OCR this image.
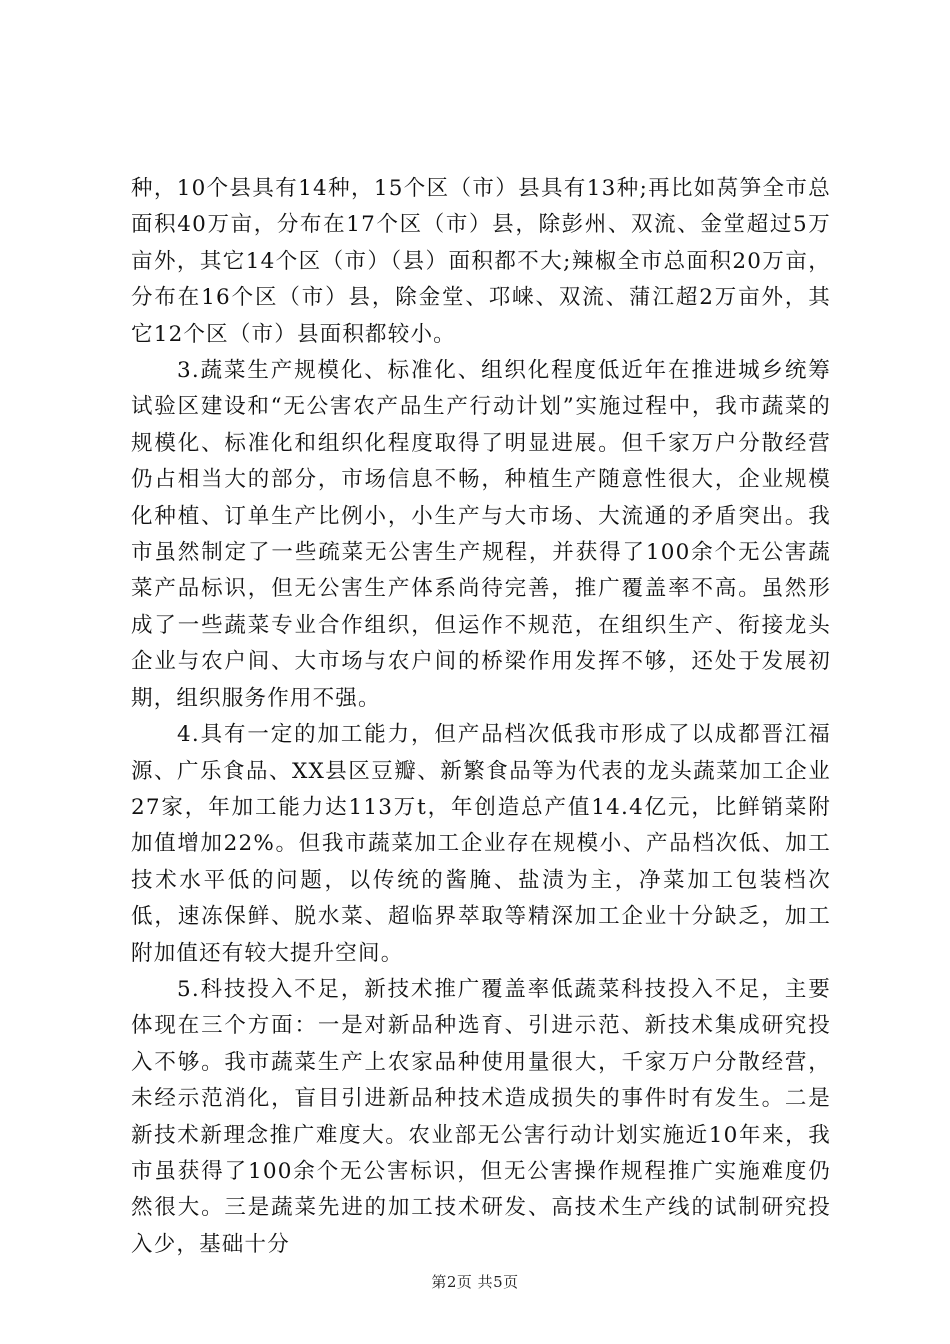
种，10个县具有14种，15个区（市）县具有13种;再比如莴笋全市总面积40万亩，分布在17个区（市）县，除彭州、双流、金堂超过5万亩外，其它14个区（市）（县）面积都不大;辣椒全市总面积20万亩，分布在16个区（市）县，除金堂、邛崃、双流、蒲江超2万亩外，其它12个区（市）县面积都较小。

3.蔬菜生产规模化、标准化、组织化程度低近年在推进城乡统筹试验区建设和“无公害农产品生产行动计划”实施过程中，我市蔬菜的规模化、标准化和组织化程度取得了明显进展。但千家万户分散经营仍占相当大的部分，市场信息不畅，种植生产随意性很大，企业规模化种植、订单生产比例小，小生产与大市场、大流通的矛盾突出。我市虽然制定了一些疏菜无公害生产规程，并获得了100余个无公害蔬菜产品标识，但无公害生产体系尚待完善，推广覆盖率不高。虽然形成了一些蔬菜专业合作组织，但运作不规范，在组织生产、衔接龙头企业与农户间、大市场与农户间的桥梁作用发挥不够，还处于发展初期，组织服务作用不强。

4.具有一定的加工能力，但产品档次低我市形成了以成都晋江福源、广乐食品、XX县区豆瓣、新繁食品等为代表的龙头蔬菜加工企业27家，年加工能力达113万t，年创造总产值14.4亿元，比鲜销菜附加值增加22%。但我市蔬菜加工企业存在规模小、产品档次低、加工技术水平低的问题，以传统的酱腌、盐渍为主，净菜加工包装档次低，速冻保鲜、脱水菜、超临界萃取等精深加工企业十分缺乏，加工附加值还有较大提升空间。

5.科技投入不足，新技术推广覆盖率低蔬菜科技投入不足，主要体现在三个方面：一是对新品种选育、引进示范、新技术集成研究投入不够。我市蔬菜生产上农家品种使用量很大，千家万户分散经营，未经示范消化，盲目引进新品种技术造成损失的事件时有发生。二是新技术新理念推广难度大。农业部无公害行动计划实施近10年来，我市虽获得了100余个无公害标识，但无公害操作规程推广实施难度仍然很大。三是蔬菜先进的加工技术研发、高技术生产线的试制研究投入少，基础十分

第2页 共5页
